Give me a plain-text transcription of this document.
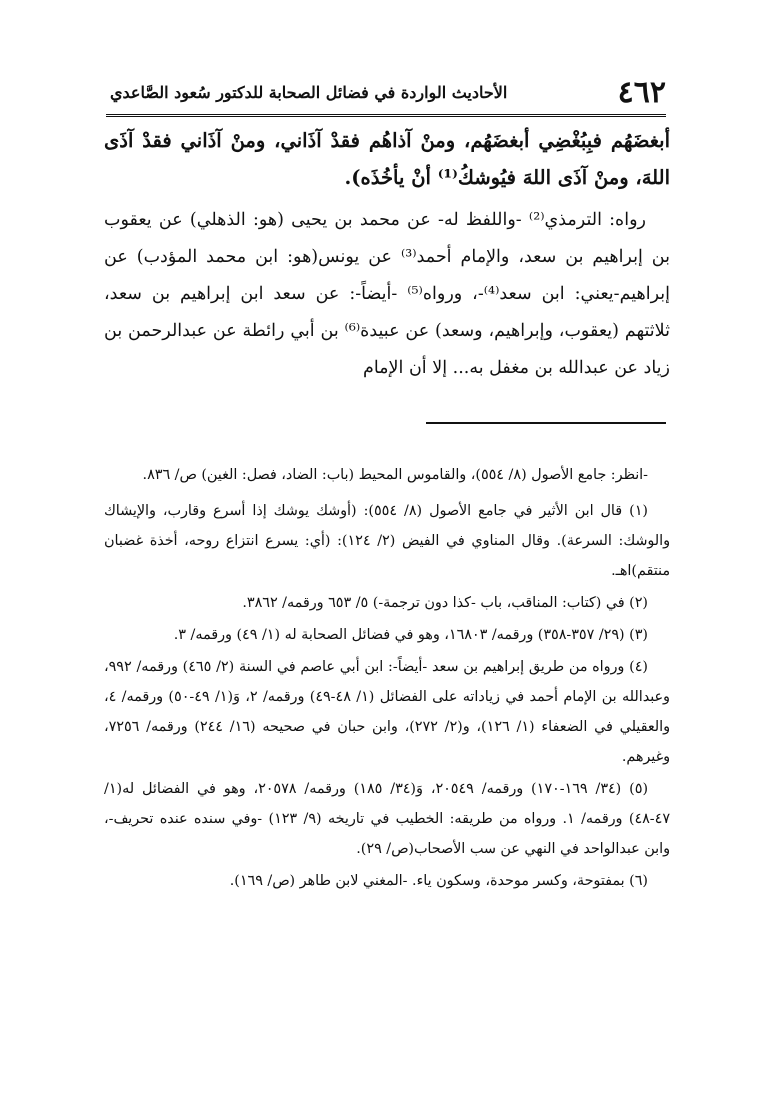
٤٦٢
الأحاديث الواردة في فضائل الصحابة للدكتور سُعود الصَّاعدي

أبغضَهُم فبِبُغْضِي أبغضَهُم، ومنْ آذاهُم فقدْ آذَاني، ومنْ آذَاني فقدْ آذَى اللهَ، ومنْ آذَى اللهَ فيُوشكُ⁽¹⁾ أنْ يأخُذَه).

رواه: الترمذي⁽²⁾ -واللفظ له- عن محمد بن يحيى (هو: الذهلي) عن يعقوب بن إبراهيم بن سعد، والإمام أحمد⁽³⁾ عن يونس(هو: ابن محمد المؤدب) عن إبراهيم-يعني: ابن سعد⁽⁴⁾-، ورواه⁽⁵⁾ -أيضاً-: عن سعد ابن إبراهيم بن سعد، ثلاثتهم (يعقوب، وإبراهيم، وسعد) عن عبيدة⁽⁶⁾ بن أبي رائطة عن عبدالرحمن بن زياد عن عبدالله بن مغفل به... إلا أن الإمام

-انظر: جامع الأصول (٨/ ٥٥٤)، والقاموس المحيط (باب: الضاد، فصل: الغين) ص/ ٨٣٦.

(١) قال ابن الأثير في جامع الأصول (٨/ ٥٥٤): (أوشك يوشك إذا أسرع وقارب، والإيشاك والوشك: السرعة). وقال المناوي في الفيض (٢/ ١٢٤): (أي: يسرع انتزاع روحه، أخذة غضبان منتقم)اهـ.

(٢) في (كتاب: المناقب، باب -كذا دون ترجمة-) ٥/ ٦٥٣ ورقمه/ ٣٨٦٢.

(٣) (٢٩/ ٣٥٧-٣٥٨) ورقمه/ ١٦٨٠٣، وهو في فضائل الصحابة له (١/ ٤٩) ورقمه/ ٣.

(٤) ورواه من طريق إبراهيم بن سعد -أيضاً-: ابن أبي عاصم في السنة (٢/ ٤٦٥) ورقمه/ ٩٩٢، وعبدالله بن الإمام أحمد في زياداته على الفضائل (١/ ٤٨-٤٩) ورقمه/ ٢، وَ(١/ ٤٩-٥٠) ورقمه/ ٤، والعقيلي في الضعفاء (١/ ١٢٦)، و(٢/ ٢٧٢)، وابن حبان في صحيحه (١٦/ ٢٤٤) ورقمه/ ٧٢٥٦، وغيرهم.

(٥) (٣٤/ ١٦٩-١٧٠) ورقمه/ ٢٠٥٤٩، وَ(٣٤/ ١٨٥) ورقمه/ ٢٠٥٧٨، وهو في الفضائل له(١/ ٤٧-٤٨) ورقمه/ ١. ورواه من طريقه: الخطيب في تاريخه (٩/ ١٢٣) -وفي سنده عنده تحريف-، وابن عبدالواحد في النهي عن سب الأصحاب(ص/ ٢٩).

(٦) بمفتوحة، وكسر موحدة، وسكون ياء. -المغني لابن طاهر (ص/ ١٦٩).
